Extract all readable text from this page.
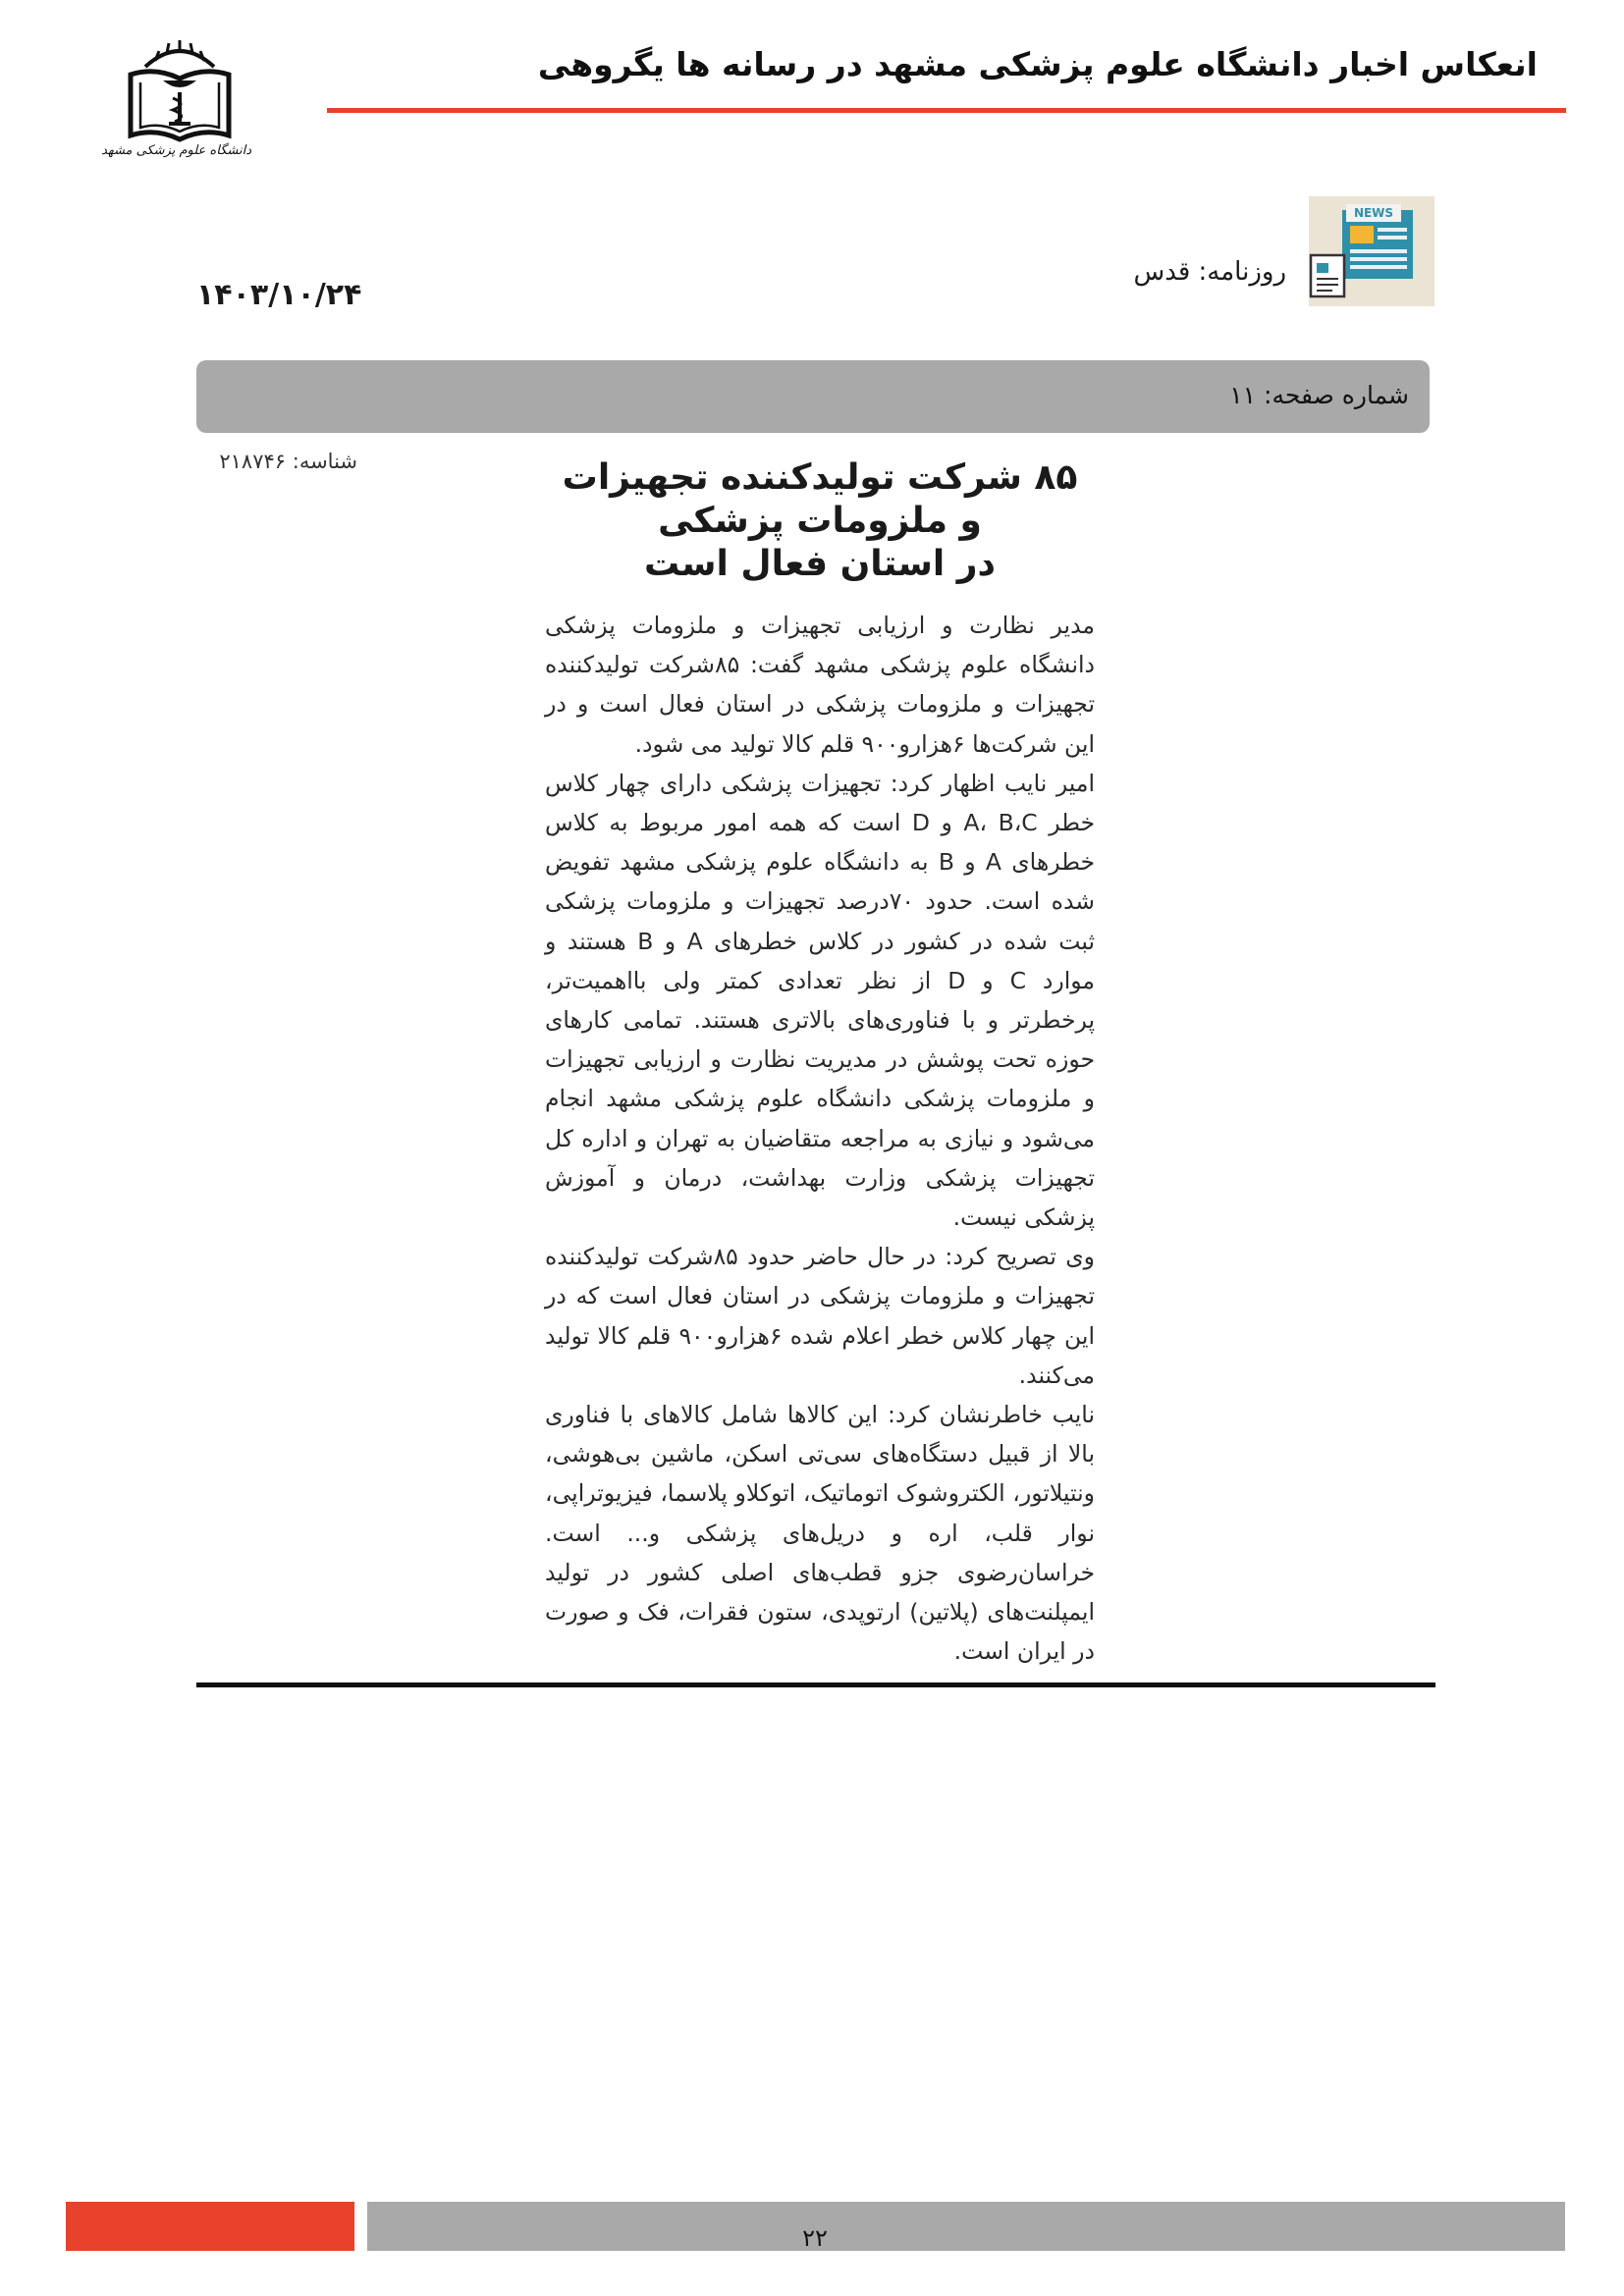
انعکاس اخبار دانشگاه علوم پزشکی مشهد در رسانه ها یگروهی
دانشگاه علوم پزشکی مشهد
NEWS
روزنامه: قدس
۱۴۰۳/۱۰/۲۴
شماره صفحه: ۱۱
شناسه: ۲۱۸۷۴۶	۸۵ شرکت تولیدکننده تجهیزات
و ملزومات پزشکی
در استان فعال است

مدیر نظارت و ارزیابی تجهیزات و ملزومات پزشکی دانشگاه علوم پزشکی مشهد گفت: ۸۵شرکت تولیدکننده تجهیزات و ملزومات پزشکی در استان فعال است و در این شرکت‌ها ۶هزارو۹۰۰ قلم کالا تولید می شود.

امیر نایب اظهار کرد: تجهیزات پزشکی دارای چهار کلاس خطر A، B،C و D است که همه امور مربوط به کلاس خطرهای A و B به دانشگاه علوم پزشکی مشهد تفویض شده است. حدود ۷۰درصد تجهیزات و ملزومات پزشکی ثبت شده در کشور در کلاس خطرهای A و B هستند و موارد C و D از نظر تعدادی کمتر ولی بااهمیت‌تر، پرخطرتر و با فناوری‌های بالاتری هستند. تمامی کارهای حوزه تحت پوشش در مدیریت نظارت و ارزیابی تجهیزات و ملزومات پزشکی دانشگاه علوم پزشکی مشهد انجام می‌شود و نیازی به مراجعه متقاضیان به تهران و اداره کل تجهیزات پزشکی وزارت بهداشت، درمان و آموزش پزشکی نیست.

وی تصریح کرد: در حال حاضر حدود ۸۵شرکت تولیدکننده تجهیزات و ملزومات پزشکی در استان فعال است که در این چهار کلاس خطر اعلام شده ۶هزارو۹۰۰ قلم کالا تولید می‌کنند.

نایب خاطرنشان کرد: این کالاها شامل کالاهای با فناوری بالا از قبیل دستگاه‌های سی‌تی اسکن، ماشین بی‌هوشی، ونتیلاتور، الکتروشوک اتوماتیک، اتوکلاو پلاسما، فیزیوتراپی، نوار قلب، اره و دریل‌های پزشکی و... است. خراسان‌رضوی جزو قطب‌های اصلی کشور در تولید ایمپلنت‌های (پلاتین) ارتوپدی، ستون فقرات، فک و صورت در ایران است.

۲۲
